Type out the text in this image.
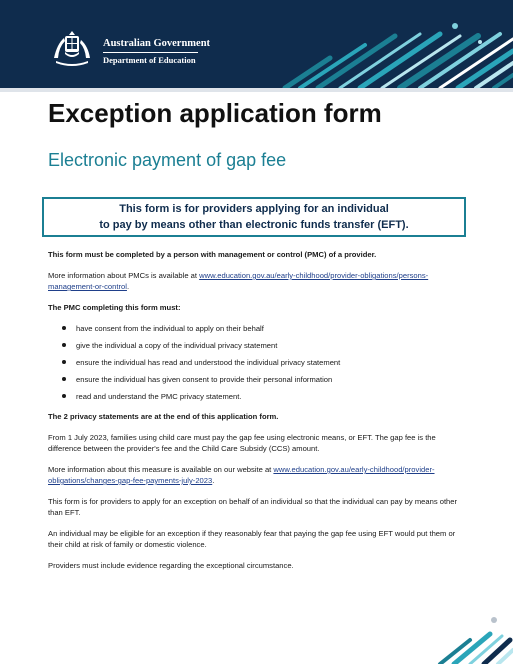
Australian Government
Department of Education
Exception application form
Electronic payment of gap fee
This form is for providers applying for an individual
to pay by means other than electronic funds transfer (EFT).

This form must be completed by a person with management or control (PMC) of a provider.

More information about PMCs is available at www.education.gov.au/early-childhood/provider-obligations/persons-management-or-control.

The PMC completing this form must:

have consent from the individual to apply on their behalf
give the individual a copy of the individual privacy statement
ensure the individual has read and understood the individual privacy statement
ensure the individual has given consent to provide their personal information
read and understand the PMC privacy statement.

The 2 privacy statements are at the end of this application form.

From 1 July 2023, families using child care must pay the gap fee using electronic means, or EFT. The gap fee is the difference between the provider's fee and the Child Care Subsidy (CCS) amount.

More information about this measure is available on our website at www.education.gov.au/early-childhood/provider-obligations/changes-gap-fee-payments-july-2023.

This form is for providers to apply for an exception on behalf of an individual so that the individual can pay by means other than EFT.

An individual may be eligible for an exception if they reasonably fear that paying the gap fee using EFT would put them or their child at risk of family or domestic violence.

Providers must include evidence regarding the exceptional circumstance.
